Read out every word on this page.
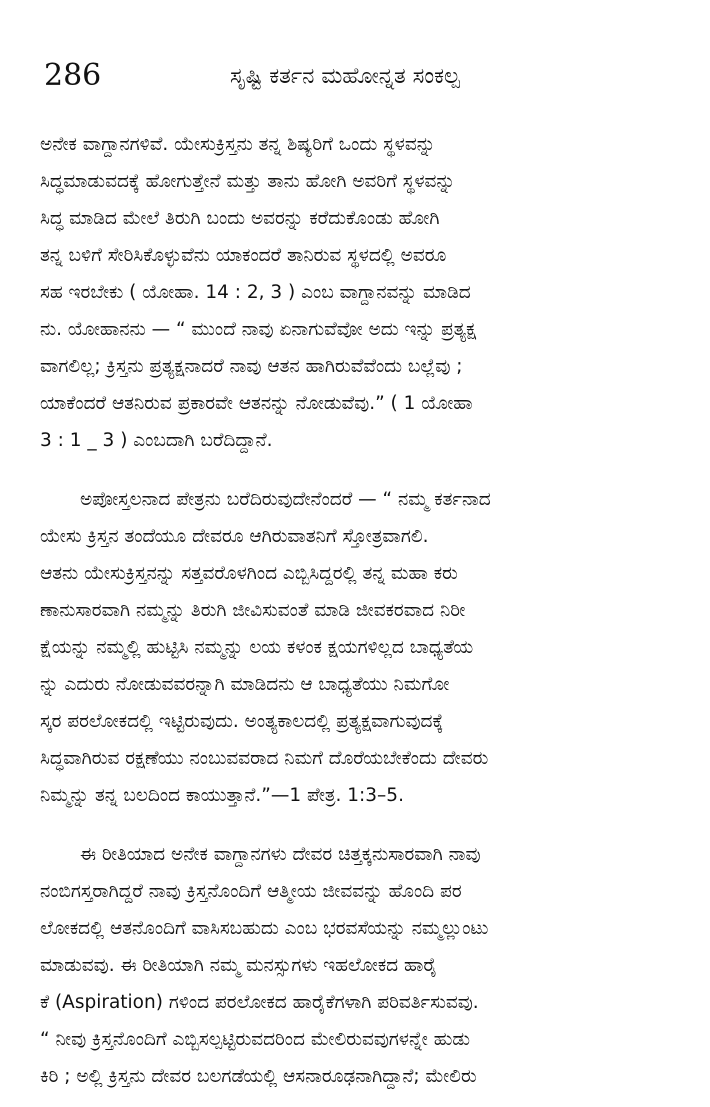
286	ಸೃಷ್ಟಿ ಕರ್ತನ ಮಹೋನ್ನತ ಸಂಕಲ್ಪ
ಅನೇಕ ವಾಗ್ದಾನಗಳಿವೆ. ಯೇಸುಕ್ರಿಸ್ತನು ತನ್ನ ಶಿಷ್ಯರಿಗೆ ಒಂದು ಸ್ಥಳವನ್ನು
ಸಿದ್ಧಮಾಡುವದಕ್ಕೆ ಹೋಗುತ್ತೇನೆ ಮತ್ತು ತಾನು ಹೋಗಿ ಅವರಿಗೆ ಸ್ಥಳವನ್ನು
ಸಿದ್ಧ ಮಾಡಿದ ಮೇಲೆ ತಿರುಗಿ ಬಂದು ಅವರನ್ನು ಕರೆದುಕೊಂಡು ಹೋಗಿ
ತನ್ನ ಬಳಿಗೆ ಸೇರಿಸಿಕೊಳ್ಳುವೆನು ಯಾಕಂದರೆ ತಾನಿರುವ ಸ್ಥಳದಲ್ಲಿ ಅವರೂ
ಸಹ ಇರಬೇಕು ( ಯೋಹಾ. 14 : 2, 3 ) ಎಂಬ ವಾಗ್ದಾನವನ್ನು ಮಾಡಿದ
ನು. ಯೋಹಾನನು — “ ಮುಂದೆ ನಾವು ಏನಾಗುವೆವೋ ಅದು ಇನ್ನು ಪ್ರತ್ಯಕ್ಷ
ವಾಗಲಿಲ್ಲ; ಕ್ರಿಸ್ತನು ಪ್ರತ್ಯಕ್ಷನಾದರೆ ನಾವು ಆತನ ಹಾಗಿರುವೆವೆಂದು ಬಲ್ಲೆವು ;
ಯಾಕೆಂದರೆ ಆತನಿರುವ ಪ್ರಕಾರವೇ ಆತನನ್ನು ನೋಡುವೆವು.” ( 1 ಯೋಹಾ
3 : 1 _ 3 ) ಎಂಬದಾಗಿ ಬರೆದಿದ್ದಾನೆ.
ಅಪೋಸ್ತಲನಾದ ಪೇತ್ರನು ಬರೆದಿರುವುದೇನೆಂದರೆ — “ ನಮ್ಮ ಕರ್ತನಾದ
ಯೇಸು ಕ್ರಿಸ್ತನ ತಂದೆಯೂ ದೇವರೂ ಆಗಿರುವಾತನಿಗೆ ಸ್ತೋತ್ರವಾಗಲಿ.
ಆತನು ಯೇಸುಕ್ರಿಸ್ತನನ್ನು ಸತ್ತವರೊಳಗಿಂದ ಎಬ್ಬಿಸಿದ್ದರಲ್ಲಿ ತನ್ನ ಮಹಾ ಕರು
ಣಾನುಸಾರವಾಗಿ ನಮ್ಮನ್ನು ತಿರುಗಿ ಜೀವಿಸುವಂತೆ ಮಾಡಿ ಜೀವಕರವಾದ ನಿರೀ
ಕ್ಷೆಯನ್ನು ನಮ್ಮಲ್ಲಿ ಹುಟ್ಟಿಸಿ ನಮ್ಮನ್ನು ಲಯ ಕಳಂಕ ಕ್ಷಯಗಳಿಲ್ಲದ ಬಾಧ್ಯತೆಯ
ನ್ನು ಎದುರು ನೋಡುವವರನ್ನಾಗಿ ಮಾಡಿದನು ಆ ಬಾಧ್ಯತೆಯು ನಿಮಗೋ
ಸ್ಕರ ಪರಲೋಕದಲ್ಲಿ ಇಟ್ಟಿರುವುದು. ಅಂತ್ಯಕಾಲದಲ್ಲಿ ಪ್ರತ್ಯಕ್ಷವಾಗುವುದಕ್ಕೆ
ಸಿದ್ಧವಾಗಿರುವ ರಕ್ಷಣೆಯು ನಂಬುವವರಾದ ನಿಮಗೆ ದೊರೆಯಬೇಕೆಂದು ದೇವರು
ನಿಮ್ಮನ್ನು ತನ್ನ ಬಲದಿಂದ ಕಾಯುತ್ತಾನೆ.”—1 ಪೇತ್ರ. 1:3–5.
ಈ ರೀತಿಯಾದ ಅನೇಕ ವಾಗ್ದಾನಗಳು ದೇವರ ಚಿತ್ತಕ್ಕನುಸಾರವಾಗಿ ನಾವು
ನಂಬಿಗಸ್ತರಾಗಿದ್ದರೆ ನಾವು ಕ್ರಿಸ್ತನೊಂದಿಗೆ ಆತ್ಮೀಯ ಜೀವವನ್ನು ಹೊಂದಿ ಪರ
ಲೋಕದಲ್ಲಿ ಆತನೊಂದಿಗೆ ವಾಸಿಸಬಹುದು ಎಂಬ ಭರವಸೆಯನ್ನು ನಮ್ಮಲ್ಲುಂಟು
ಮಾಡುವವು. ಈ ರೀತಿಯಾಗಿ ನಮ್ಮ ಮನಸ್ಸುಗಳು ಇಹಲೋಕದ ಹಾರೈ
ಕೆ (Aspiration) ಗಳಿಂದ ಪರಲೋಕದ ಹಾರೈಕೆಗಳಾಗಿ ಪರಿವರ್ತಿಸುವವು.
“ ನೀವು ಕ್ರಿಸ್ತನೊಂದಿಗೆ ಎಬ್ಬಿಸಲ್ಪಟ್ಟಿರುವದರಿಂದ ಮೇಲಿರುವವುಗಳನ್ನೇ ಹುಡು
ಕಿರಿ ; ಅಲ್ಲಿ ಕ್ರಿಸ್ತನು ದೇವರ ಬಲಗಡೆಯಲ್ಲಿ ಆಸನಾರೂಢನಾಗಿದ್ದಾನೆ; ಮೇಲಿರು
